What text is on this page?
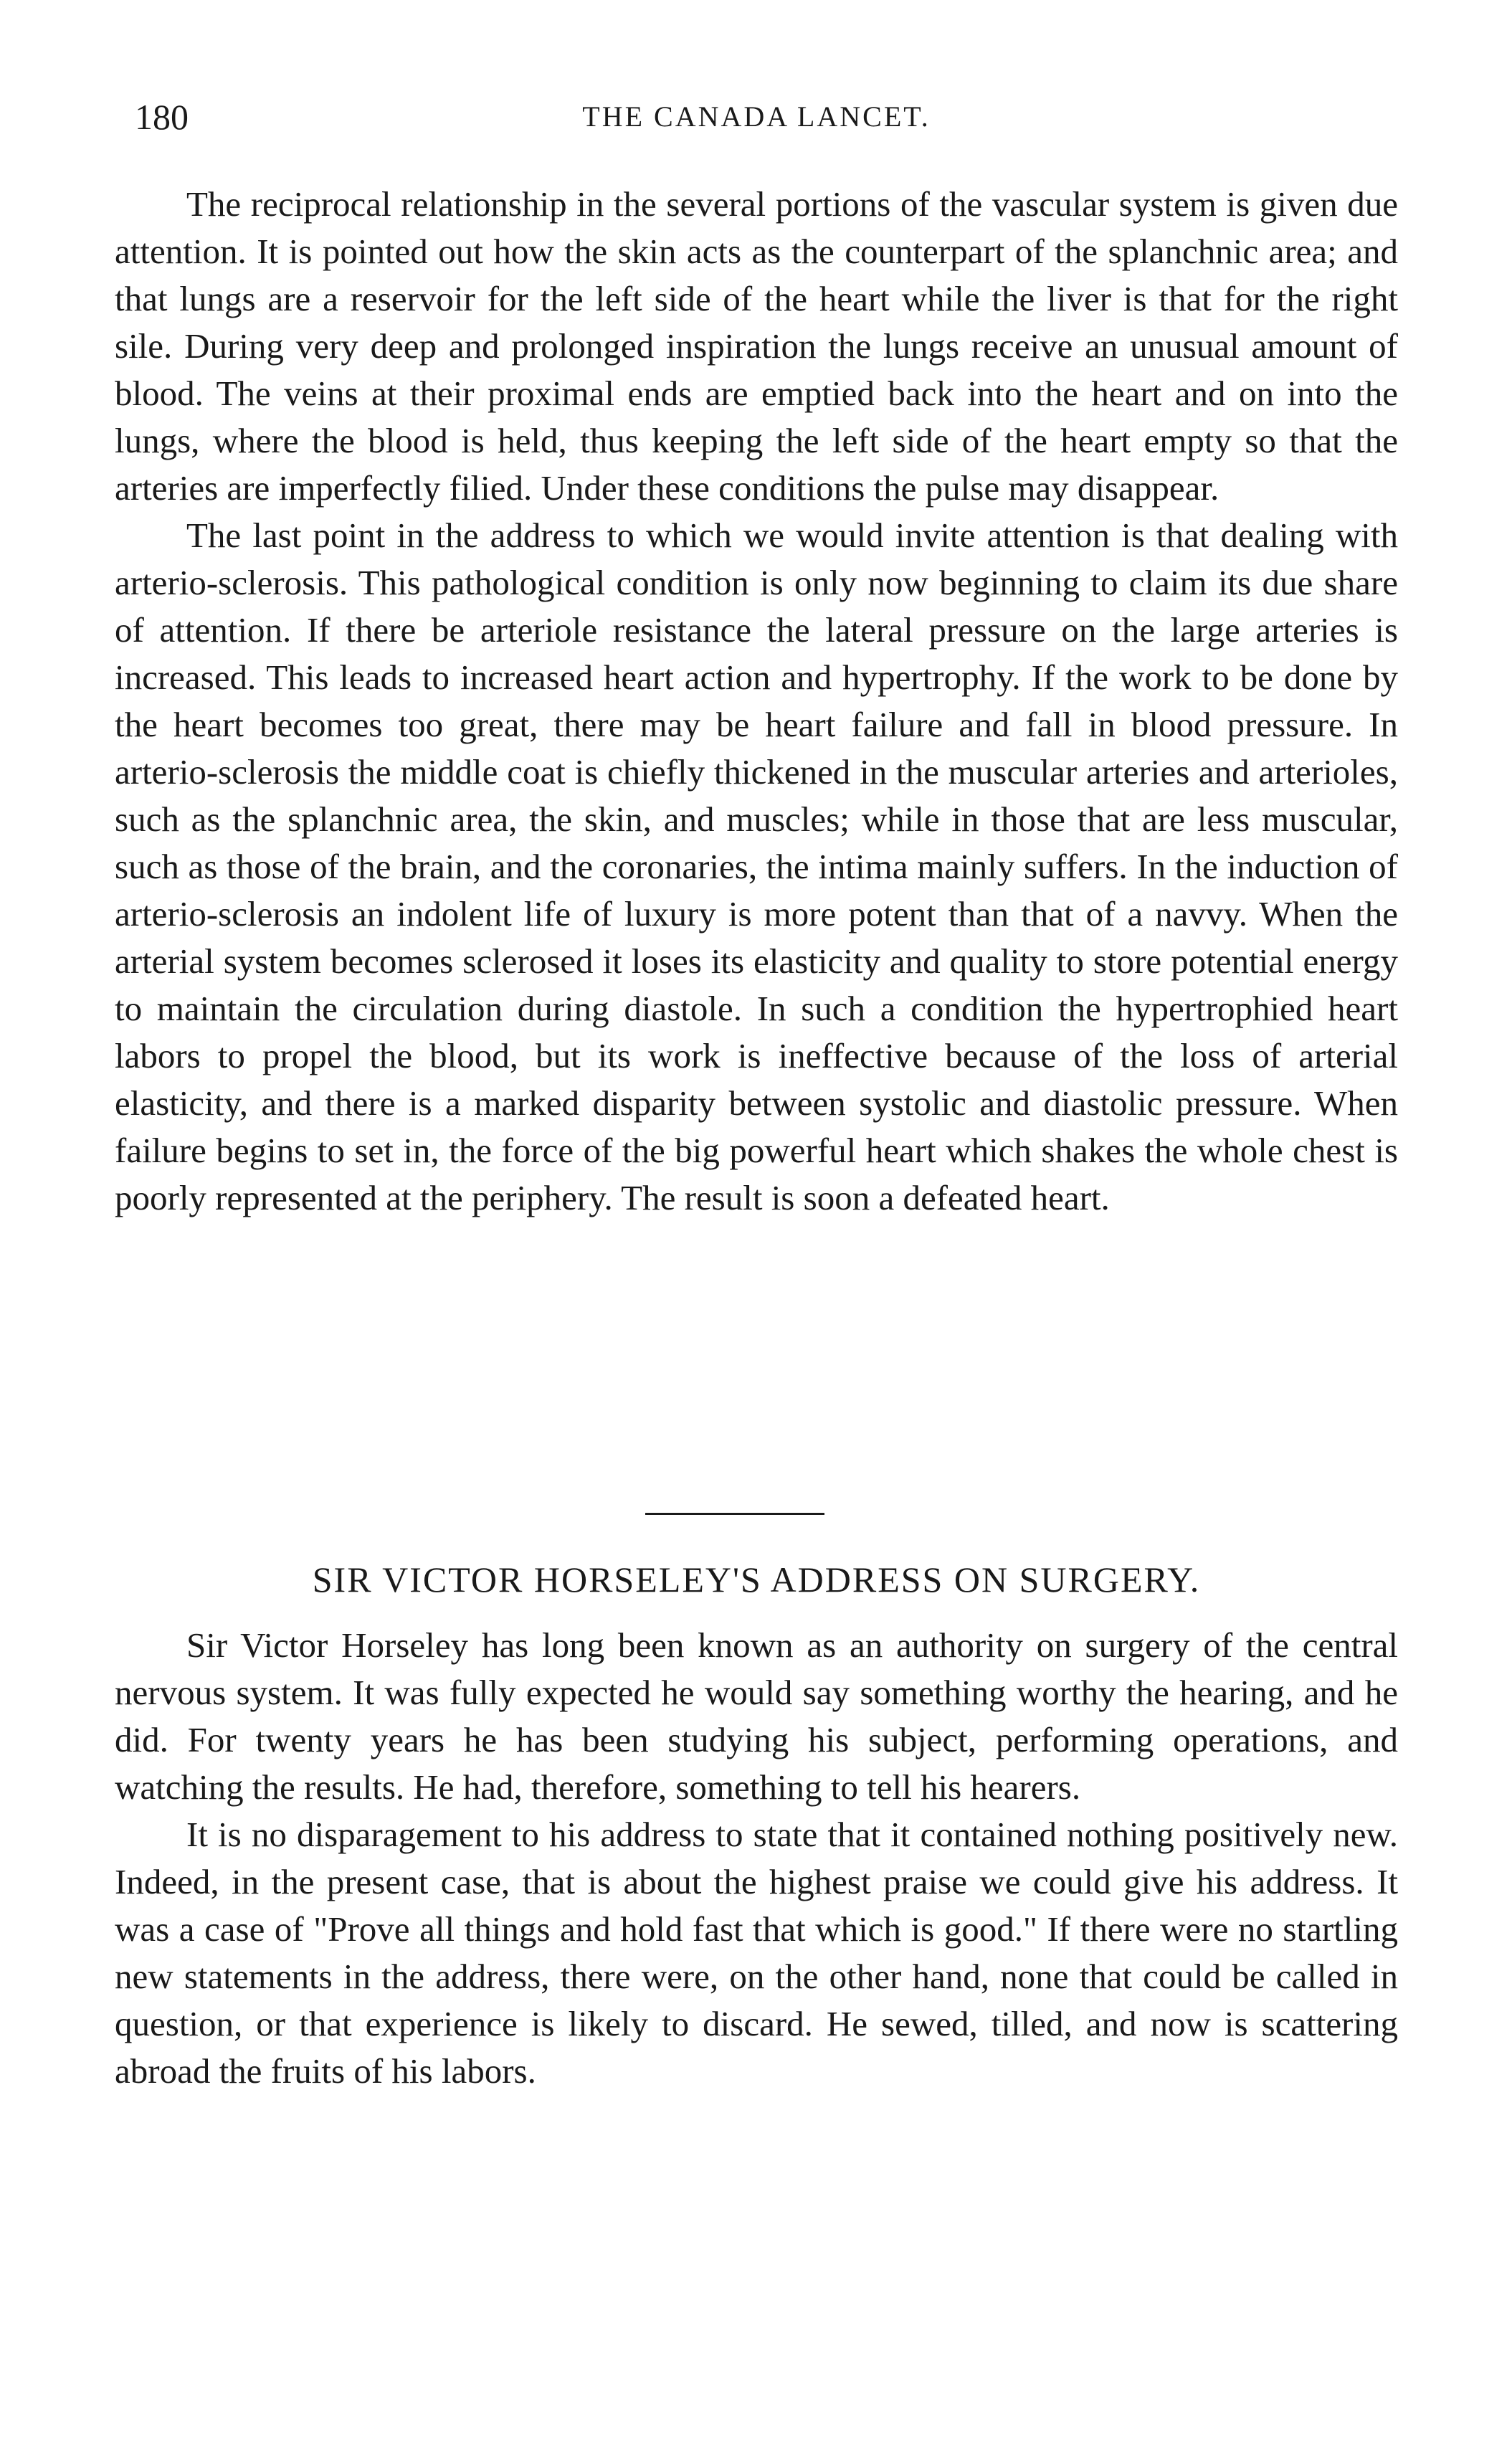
180	THE CANADA LANCET.

The reciprocal relationship in the several portions of the vascular system is given due attention. It is pointed out how the skin acts as the counterpart of the splanchnic area; and that lungs are a reservoir for the left side of the heart while the liver is that for the right sile. During very deep and prolonged inspiration the lungs receive an unusual amount of blood. The veins at their proximal ends are emptied back into the heart and on into the lungs, where the blood is held, thus keeping the left side of the heart empty so that the arteries are imperfectly filied. Under these conditions the pulse may disappear.

The last point in the address to which we would invite attention is that dealing with arterio-sclerosis. This pathological condition is only now beginning to claim its due share of attention. If there be arteriole resistance the lateral pressure on the large arteries is increased. This leads to increased heart action and hypertrophy. If the work to be done by the heart becomes too great, there may be heart failure and fall in blood pressure. In arterio-sclerosis the middle coat is chiefly thickened in the muscular arteries and arterioles, such as the splanchnic area, the skin, and muscles; while in those that are less muscular, such as those of the brain, and the coronaries, the intima mainly suffers. In the induction of arterio-sclerosis an indolent life of luxury is more potent than that of a navvy. When the arterial system becomes sclerosed it loses its elasticity and quality to store potential energy to maintain the circulation during diastole. In such a condition the hypertrophied heart labors to propel the blood, but its work is ineffective because of the loss of arterial elasticity, and there is a marked disparity between systolic and diastolic pressure. When failure begins to set in, the force of the big powerful heart which shakes the whole chest is poorly represented at the periphery. The result is soon a defeated heart.

SIR VICTOR HORSELEY'S ADDRESS ON SURGERY.

Sir Victor Horseley has long been known as an authority on surgery of the central nervous system. It was fully expected he would say something worthy the hearing, and he did. For twenty years he has been studying his subject, performing operations, and watching the results. He had, therefore, something to tell his hearers.

It is no disparagement to his address to state that it contained nothing positively new. Indeed, in the present case, that is about the highest praise we could give his address. It was a case of "Prove all things and hold fast that which is good." If there were no startling new statements in the address, there were, on the other hand, none that could be called in question, or that experience is likely to discard. He sewed, tilled, and now is scattering abroad the fruits of his labors.
